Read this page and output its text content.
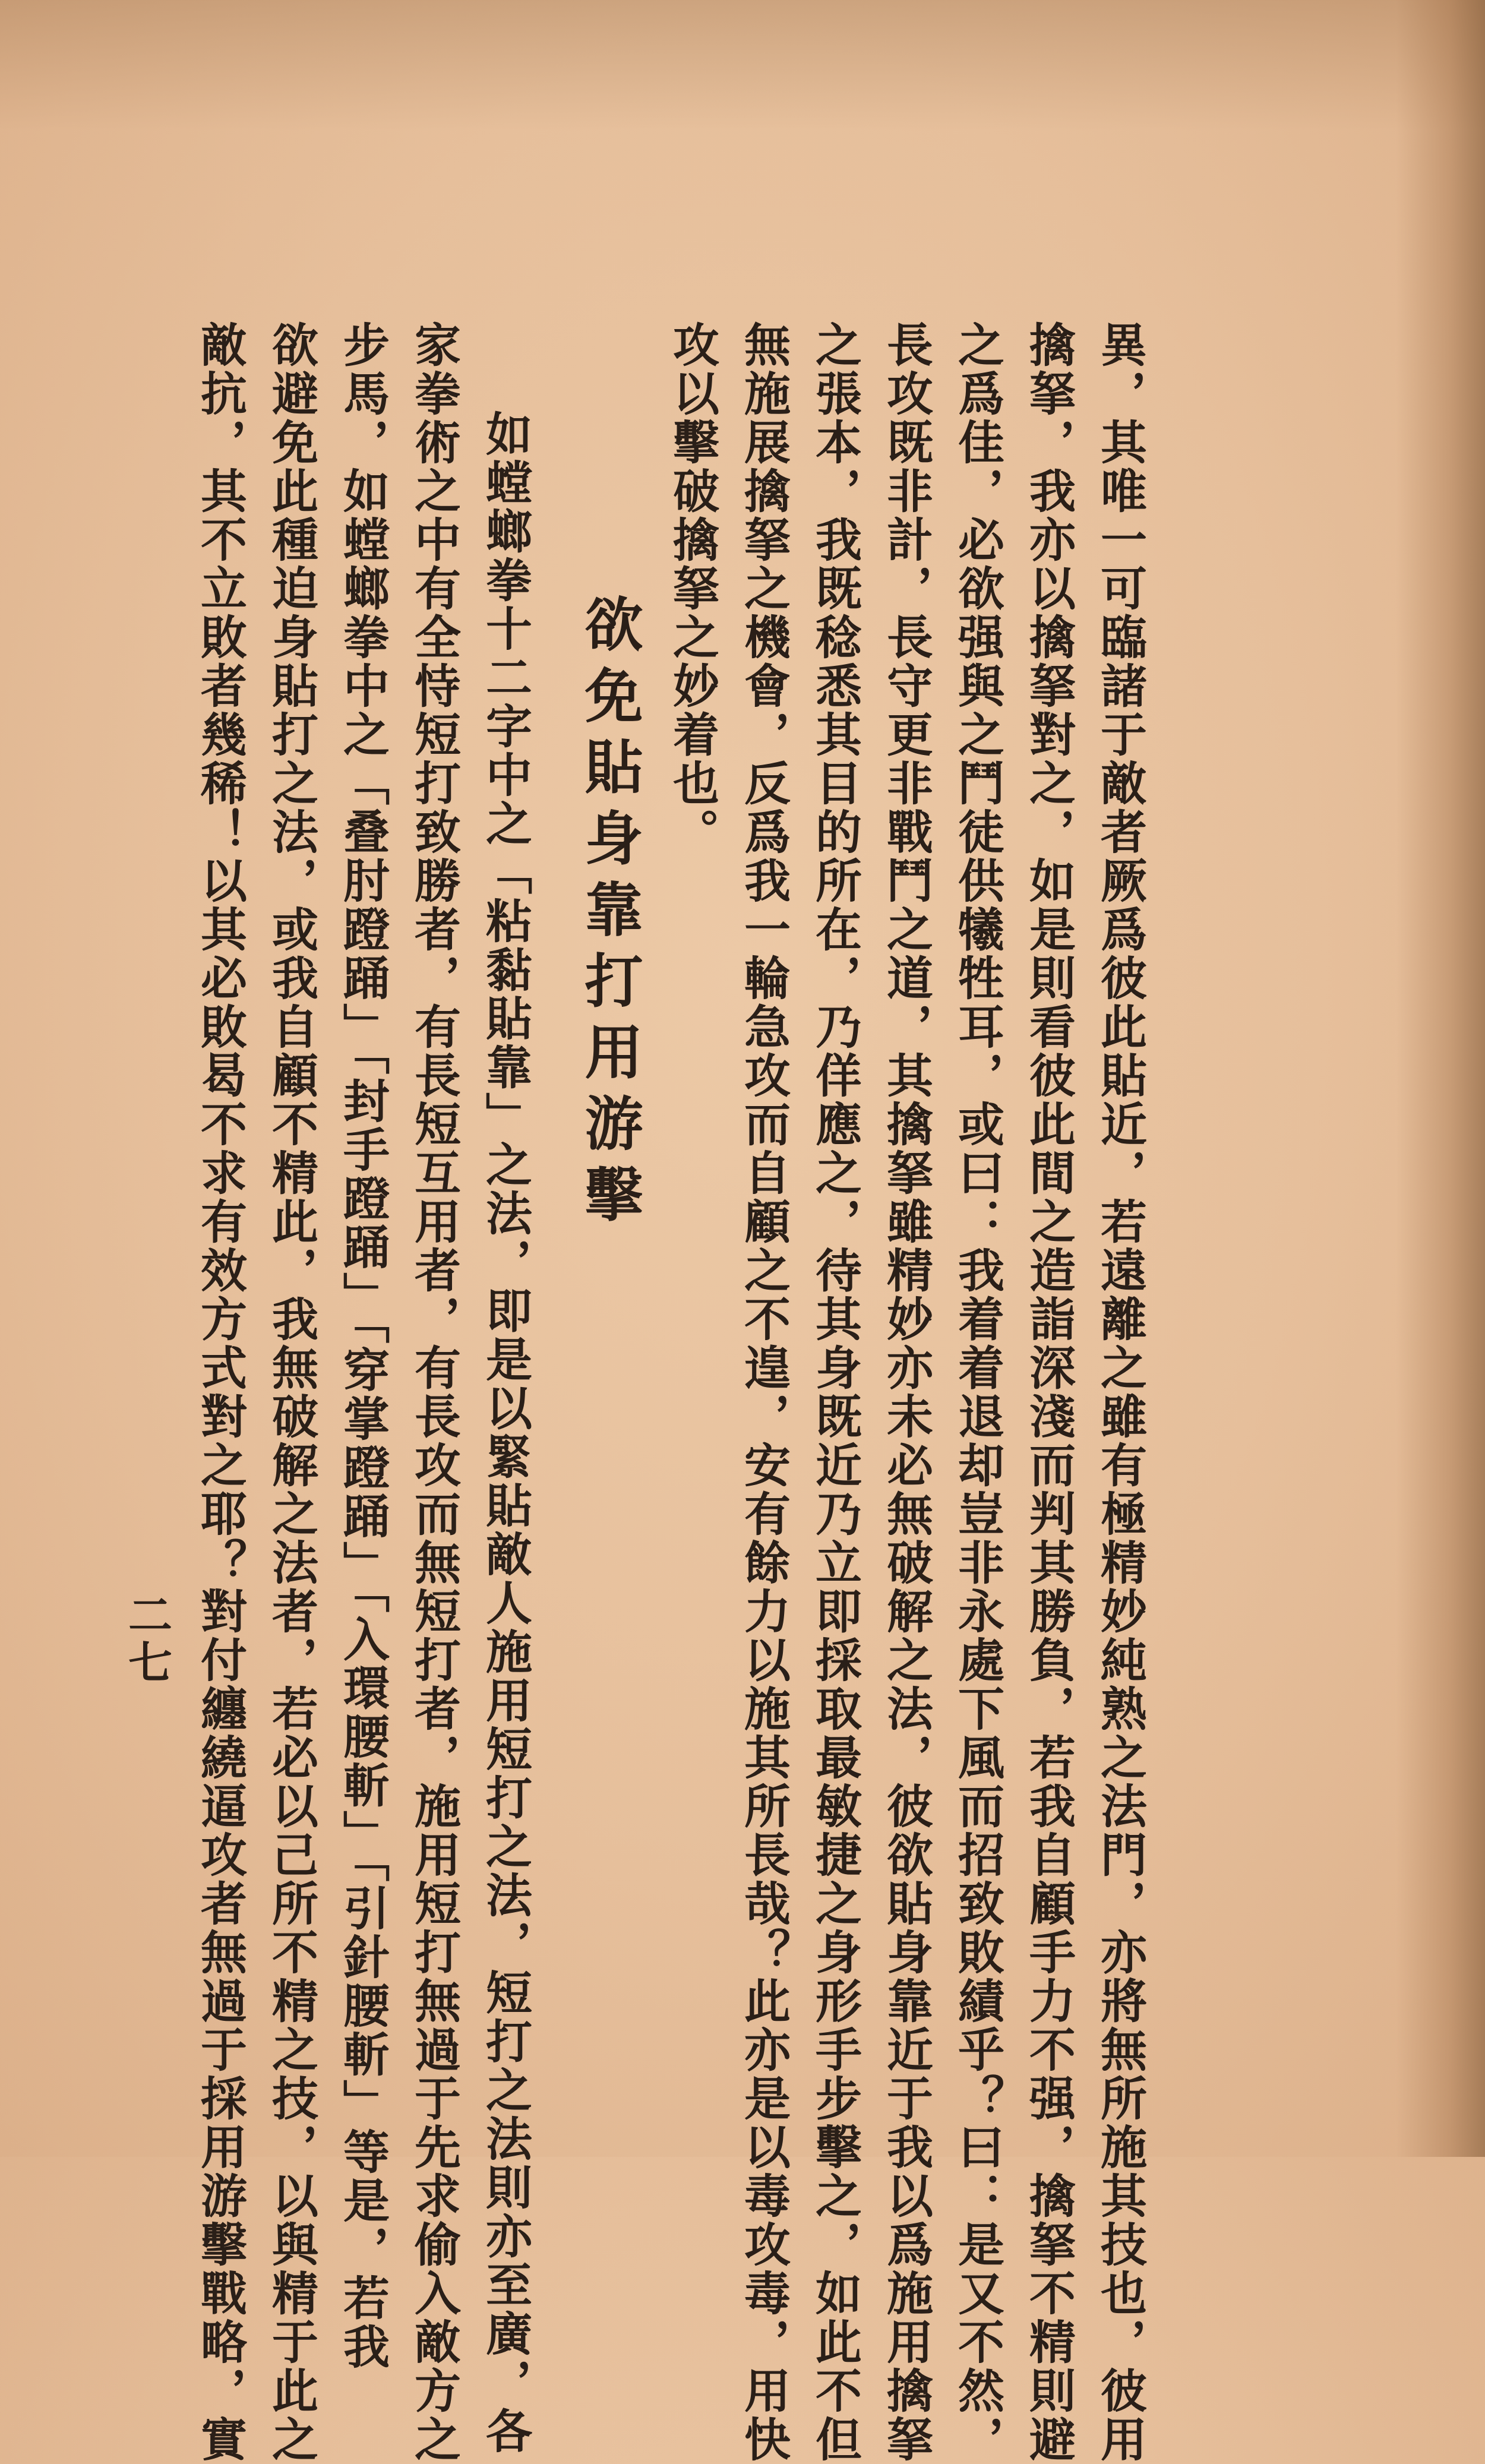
異，其唯一可臨諸于敵者厥爲彼此貼近，若遠離之雖有極精妙純熟之法門，亦將無所施其技也，彼用
擒拏，我亦以擒拏對之，如是則看彼此間之造詣深淺而判其勝負，若我自顧手力不强，擒拏不精則避
之爲佳，必欲强與之鬥徒供犧牲耳，或曰：我着着退却豈非永處下風而招致敗績乎？曰：是又不然，
長攻既非計，長守更非戰鬥之道，其擒拏雖精妙亦未必無破解之法，彼欲貼身靠近于我以爲施用擒拏
之張本，我既稔悉其目的所在，乃佯應之，待其身既近乃立即採取最敏捷之身形手步擊之，如此不但
無施展擒拏之機會，反爲我一輪急攻而自顧之不遑，安有餘力以施其所長哉？此亦是以毒攻毒，用快
攻以擊破擒拏之妙着也。
欲免貼身靠打用游擊
如螳螂拳十二字中之「粘黏貼靠」之法，即是以緊貼敵人施用短打之法，短打之法則亦至廣，各
家拳術之中有全恃短打致勝者，有長短互用者，有長攻而無短打者，施用短打無過于先求偷入敵方之
步馬，如螳螂拳中之「叠肘蹬踊」「封手蹬踊」「穿掌蹬踊」「入環腰斬」「引針腰斬」等是，若我
欲避免此種迫身貼打之法，或我自顧不精此，我無破解之法者，若必以己所不精之技，以與精于此之
敵抗，其不立敗者幾稀！以其必敗曷不求有效方式對之耶？對付纏繞逼攻者無過于採用游擊戰略，實
二七
